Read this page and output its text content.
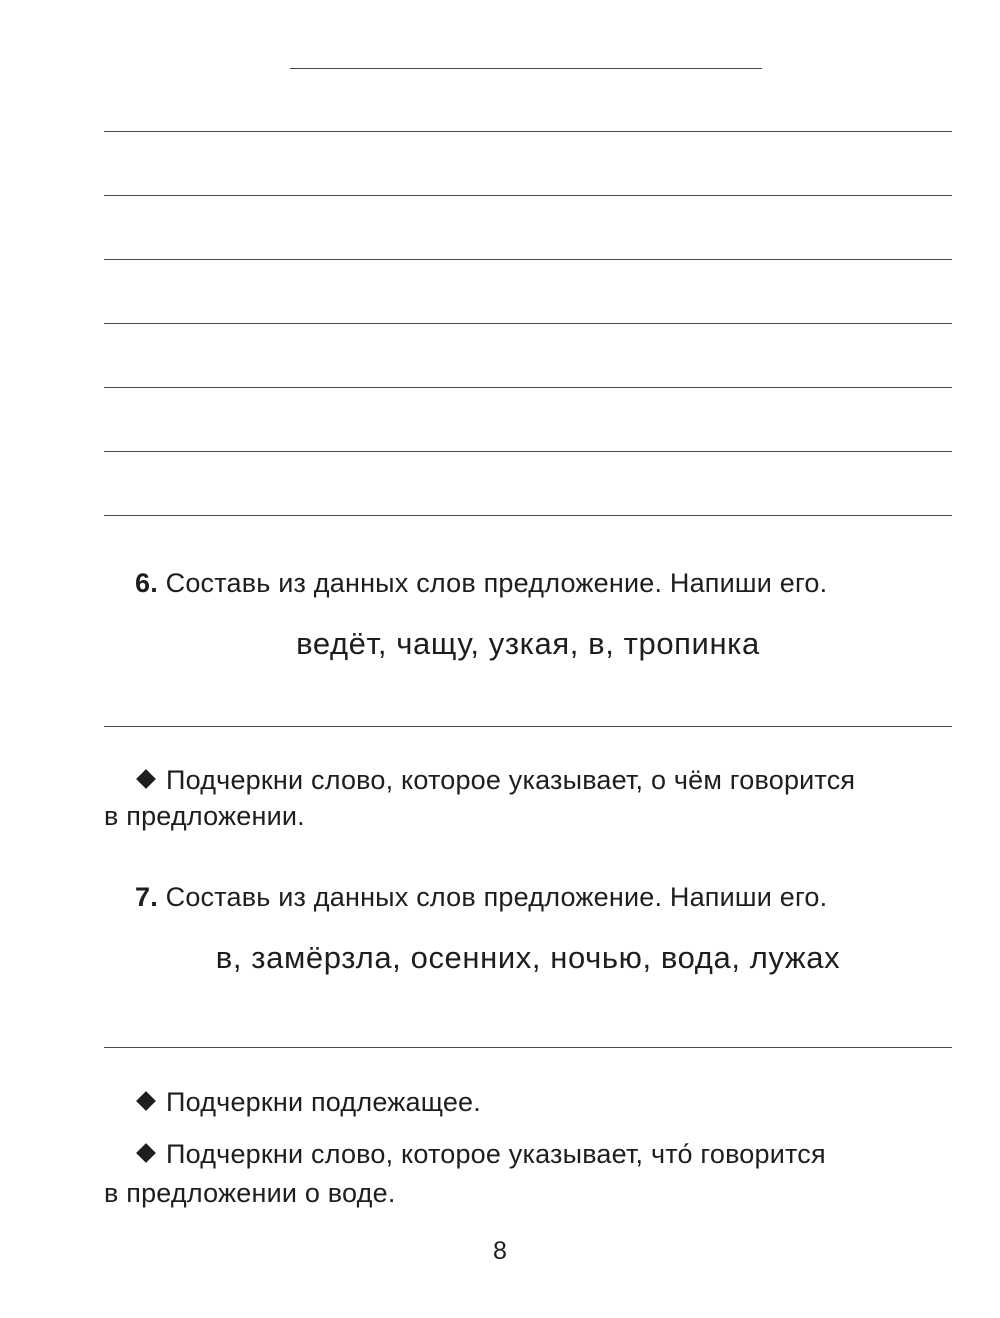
6. Составь из данных слов предложение. Напиши его.
ведёт, чащу, узкая, в, тропинка
Подчеркни слово, которое указывает, о чём говорится
в предложении.
7. Составь из данных слов предложение. Напиши его.
в, замёрзла, осенних, ночью, вода, лужах
Подчеркни подлежащее.
Подчеркни слово, которое указывает, что́ говорится
в предложении о воде.
8
